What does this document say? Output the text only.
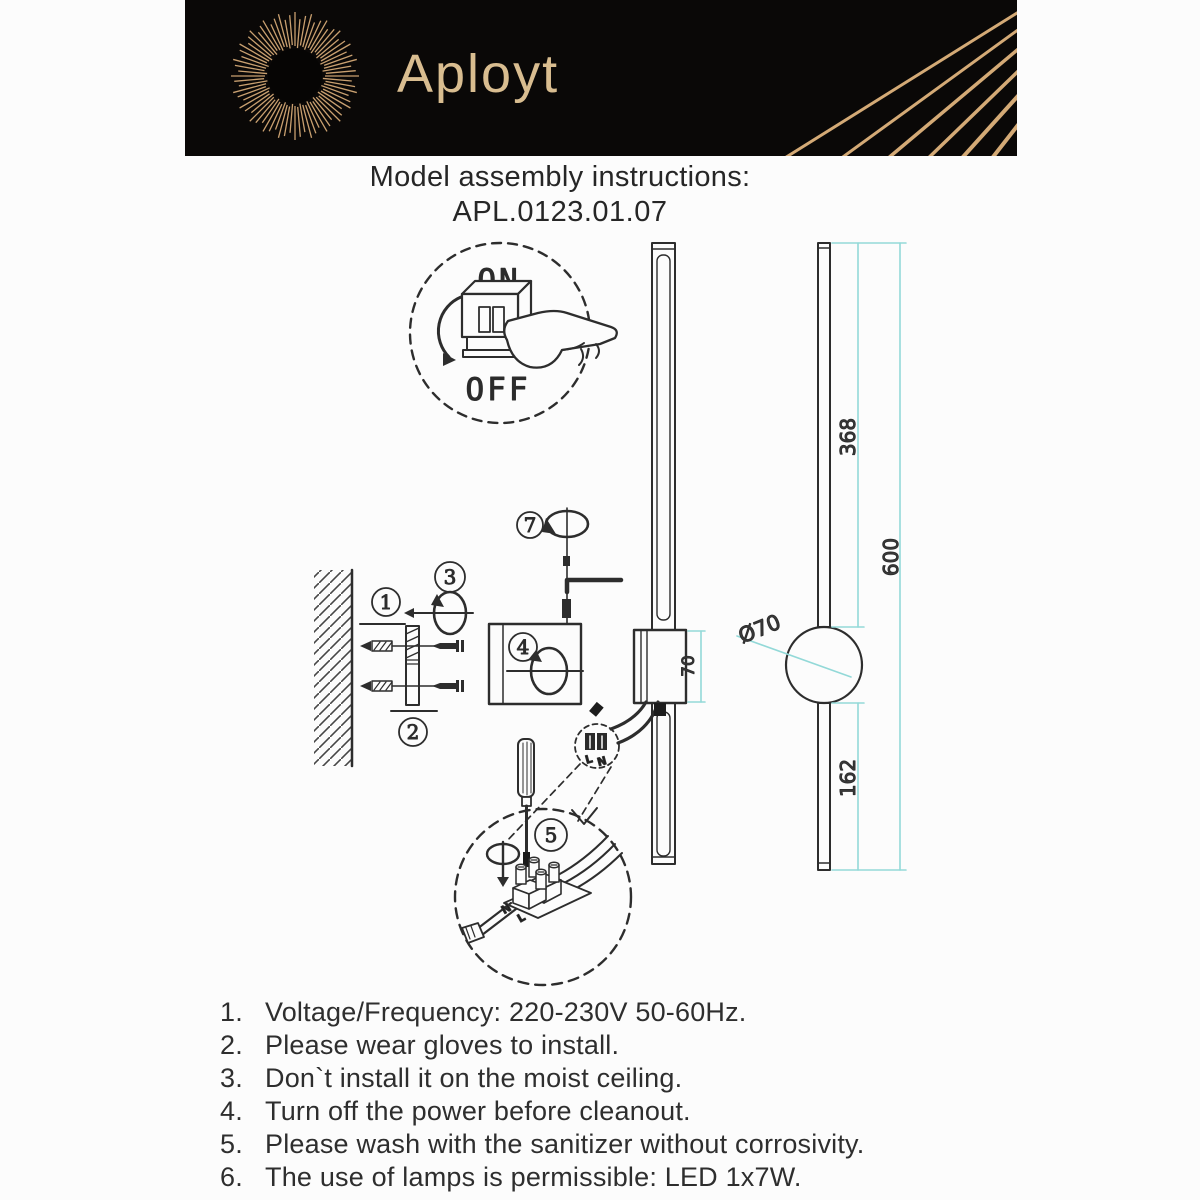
Aployt
Model assembly instructions:
APL.0123.01.07
OFF
1
2
3
4
7
70
L N
5
N
L
368
600
162
Ø70
1. Voltage/Frequency: 220-230V 50-60Hz.
2. Please wear gloves to install.
3. Don`t install it on the moist ceiling.
4. Turn off the power before cleanout.
5. Please wash with the sanitizer without corrosivity.
6. The use of lamps is permissible: LED 1x7W.
